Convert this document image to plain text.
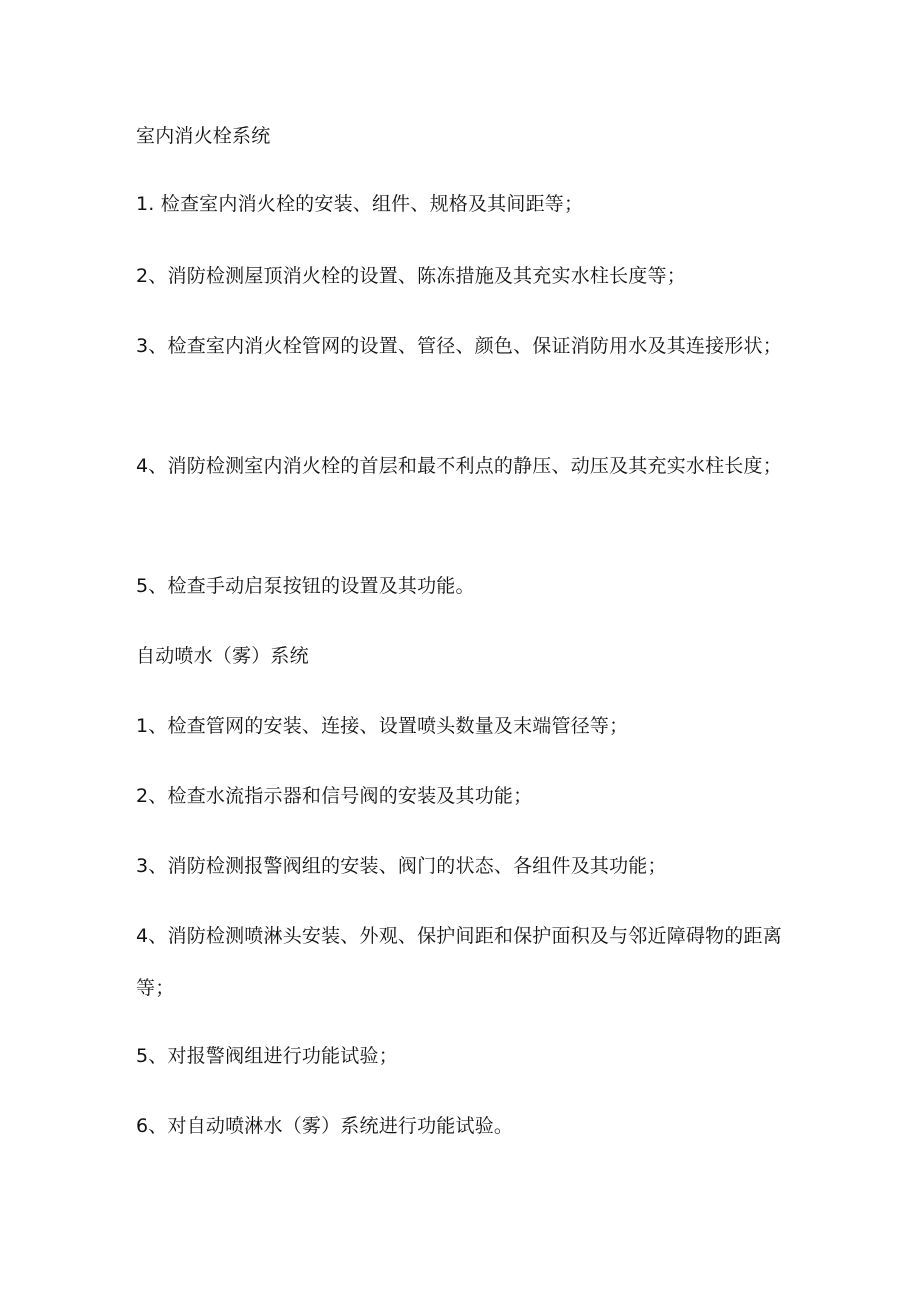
室内消火栓系统
1. 检查室内消火栓的安装、组件、规格及其间距等；
2、消防检测屋顶消火栓的设置、陈冻措施及其充实水柱长度等；
3、检查室内消火栓管网的设置、管径、颜色、保证消防用水及其连接形状；
4、消防检测室内消火栓的首层和最不利点的静压、动压及其充实水柱长度；
5、检查手动启泵按钮的设置及其功能。
自动喷水（雾）系统
1、检查管网的安装、连接、设置喷头数量及末端管径等；
2、检查水流指示器和信号阀的安装及其功能；
3、消防检测报警阀组的安装、阀门的状态、各组件及其功能；
4、消防检测喷淋头安装、外观、保护间距和保护面积及与邻近障碍物的距离等；
5、对报警阀组进行功能试验；
6、对自动喷淋水（雾）系统进行功能试验。
